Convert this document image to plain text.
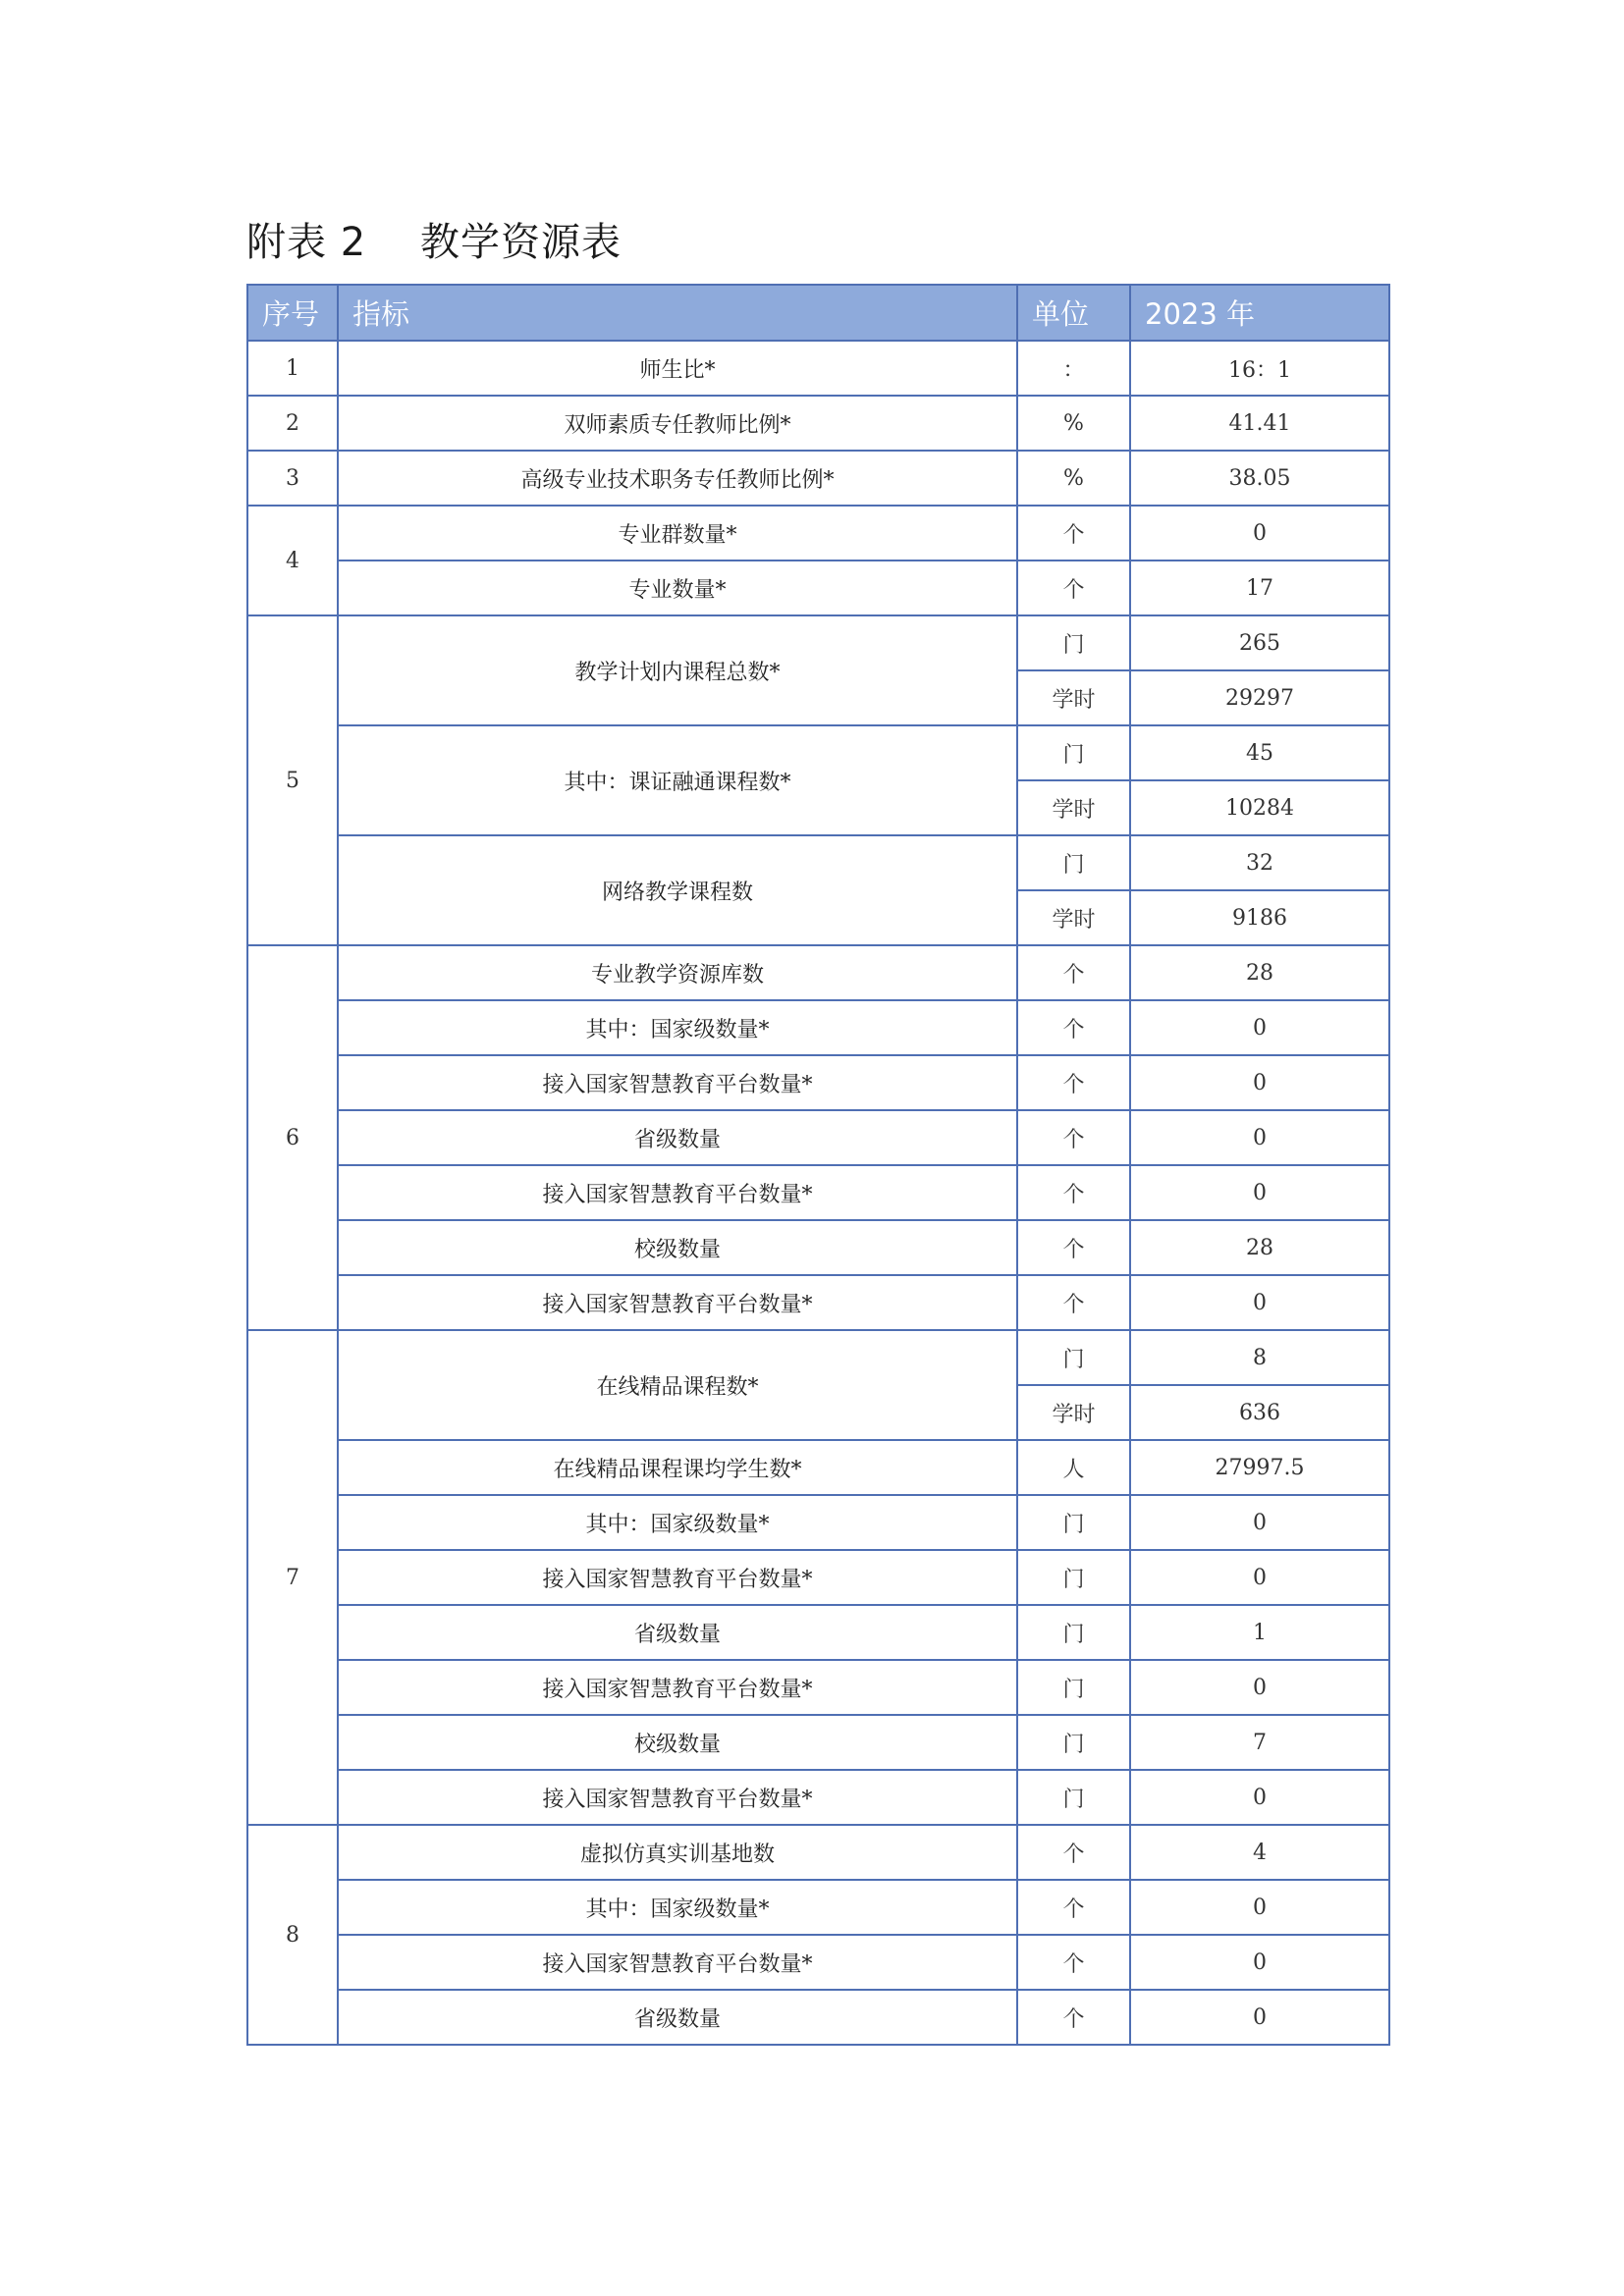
附表 2    教学资源表
序号	指标	单位	2023 年
1	师生比*	：	16：1
2	双师素质专任教师比例*	%	41.41
3	高级专业技术职务专任教师比例*	%	38.05
4	专业群数量*	个	0
	专业数量*	个	17
5	教学计划内课程总数*	门	265
		学时	29297
	其中：课证融通课程数*	门	45
		学时	10284
	网络教学课程数	门	32
		学时	9186
6	专业教学资源库数	个	28
	其中：国家级数量*	个	0
	接入国家智慧教育平台数量*	个	0
	省级数量	个	0
	接入国家智慧教育平台数量*	个	0
	校级数量	个	28
	接入国家智慧教育平台数量*	个	0
7	在线精品课程数*	门	8
		学时	636
	在线精品课程课均学生数*	人	27997.5
	其中：国家级数量*	门	0
	接入国家智慧教育平台数量*	门	0
	省级数量	门	1
	接入国家智慧教育平台数量*	门	0
	校级数量	门	7
	接入国家智慧教育平台数量*	门	0
8	虚拟仿真实训基地数	个	4
	其中：国家级数量*	个	0
	接入国家智慧教育平台数量*	个	0
	省级数量	个	0
